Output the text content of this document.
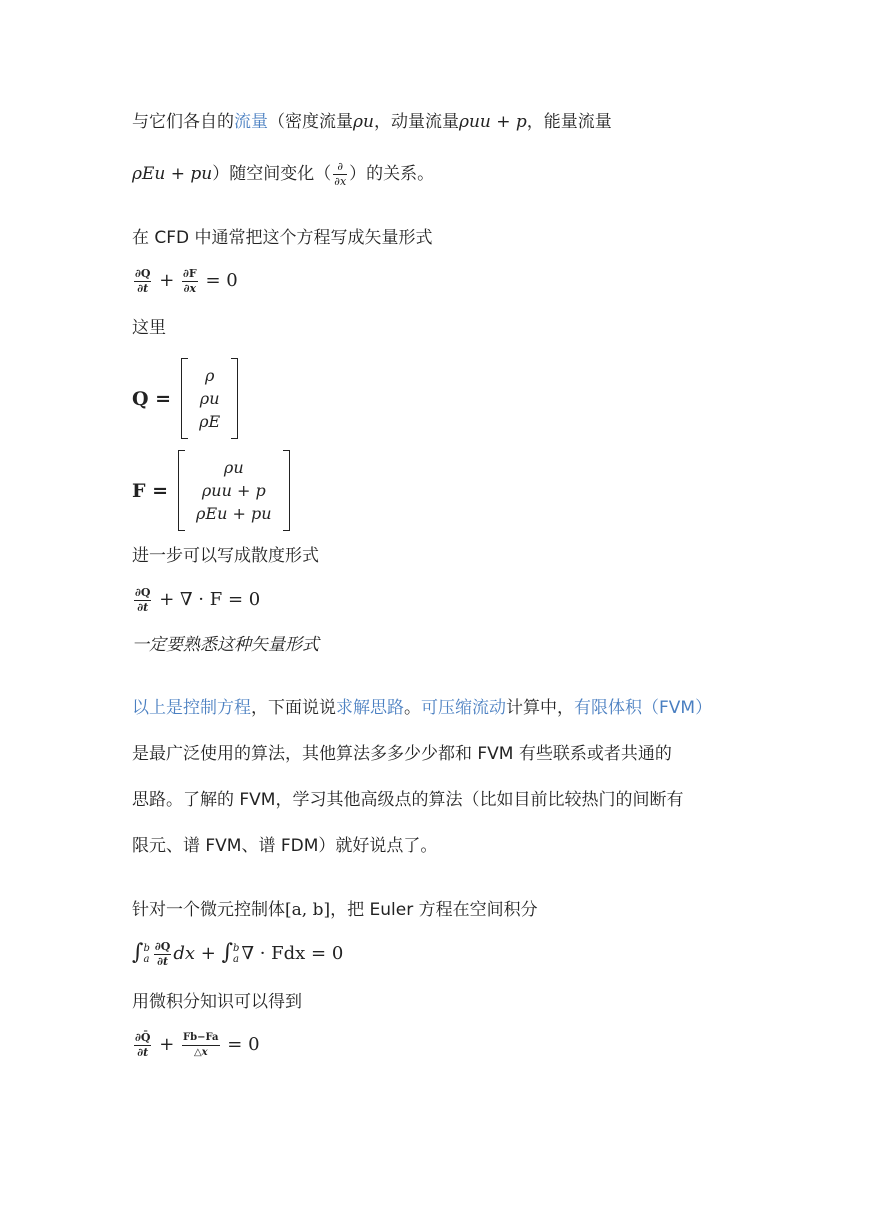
与它们各自的流量（密度流量ρu，动量流量ρuu + p，能量流量
ρEu + pu）随空间变化（ $\frac{\partial}{\partial x}$ ）的关系。
在 CFD 中通常把这个方程写成矢量形式
$\frac{\partial Q}{\partial t} + \frac{\partial F}{\partial x} = 0$
这里
Q =
ρ
ρu
ρE
F =
ρu
ρuu + p
ρEu + pu
进一步可以写成散度形式
$\frac{\partial Q}{\partial t}$ + ∇ · F = 0
一定要熟悉这种矢量形式
以上是控制方程，下面说说求解思路。可压缩流动计算中，有限体积（FVM）
是最广泛使用的算法，其他算法多多少少都和 FVM 有些联系或者共通的
思路。了解的 FVM，学习其他高级点的算法（比如目前比较热门的间断有
限元、谱 FVM、谱 FDM）就好说点了。
针对一个微元控制体[a, b]，把 Euler 方程在空间积分
∫ b
a $\frac{\partial Q}{\partial t}$ dx + ∫ b
a ∇ · Fdx = 0
用微积分知识可以得到
$\frac{\partial Q̄}{\partial t} + \frac{Fb-Fa}{\triangle x} = 0$
